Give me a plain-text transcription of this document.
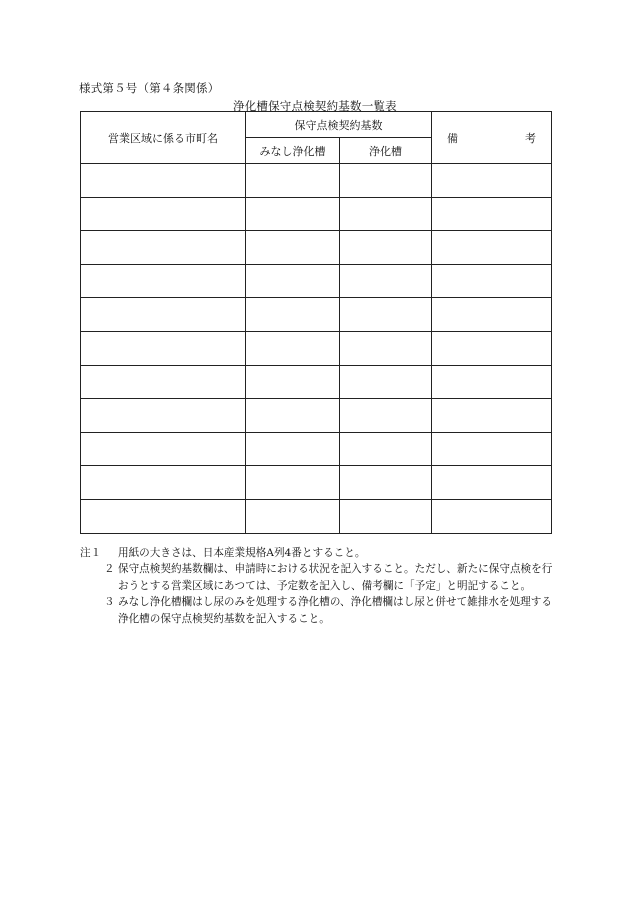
様式第５号（第４条関係）
浄化槽保守点検契約基数一覧表
営業区域に係る市町名	保守点検契約基数		備 考

	みなし浄化槽	浄化槽	

注１	用紙の大きさは、日本産業規格A列4番とすること。
２ 保守点検契約基数欄は、申請時における状況を記入すること。ただし、新たに保守点検を行おうとする営業区域にあつては、予定数を記入し、備考欄に「予定」と明記すること。
３ みなし浄化槽欄はし尿のみを処理する浄化槽の、浄化槽欄はし尿と併せて雑排水を処理する浄化槽の保守点検契約基数を記入すること。
